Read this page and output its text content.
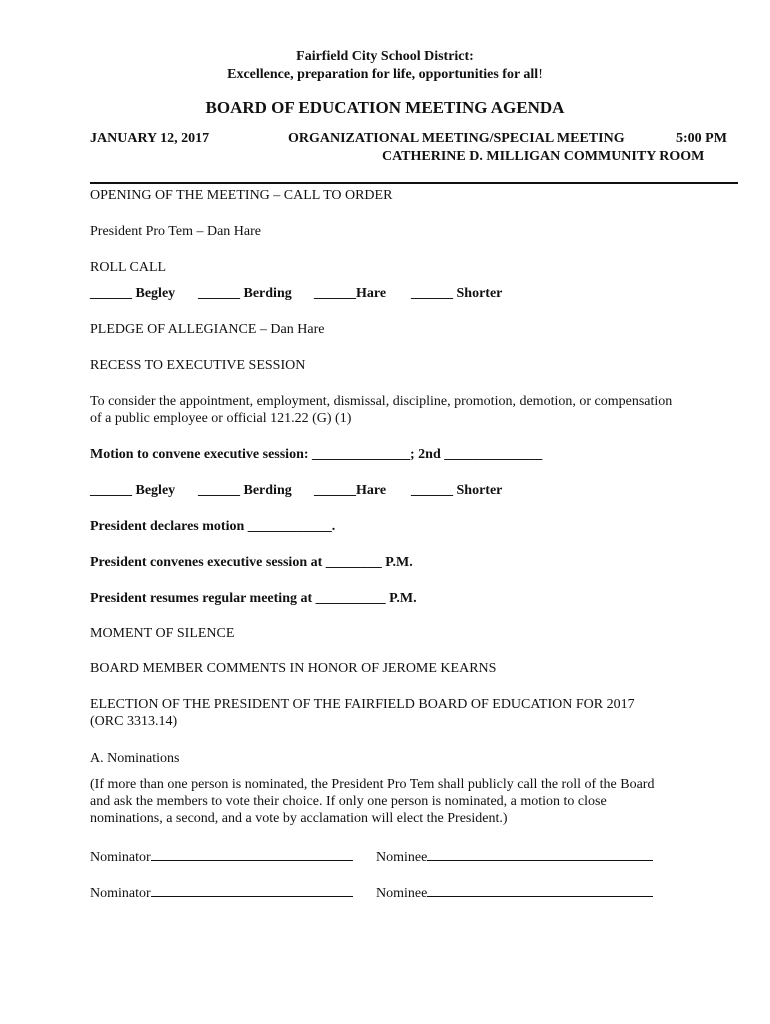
Fairfield City School District:
Excellence, preparation for life, opportunities for all!
BOARD OF EDUCATION MEETING AGENDA
JANUARY 12, 2017	ORGANIZATIONAL MEETING/SPECIAL MEETING	5:00 PM
CATHERINE D. MILLIGAN COMMUNITY ROOM
OPENING OF THE MEETING – CALL TO ORDER
President Pro Tem – Dan Hare
ROLL CALL
______ Begley ______ Berding ______Hare ______ Shorter
PLEDGE OF ALLEGIANCE – Dan Hare
RECESS TO EXECUTIVE SESSION
To consider the appointment, employment, dismissal, discipline, promotion, demotion, or compensation
of a public employee or official 121.22 (G) (1)
Motion to convene executive session: ______________; 2nd ______________
______ Begley ______ Berding ______Hare ______ Shorter
President declares motion ____________.
President convenes executive session at ________ P.M.
President resumes regular meeting at __________ P.M.
MOMENT OF SILENCE
BOARD MEMBER COMMENTS IN HONOR OF JEROME KEARNS
ELECTION OF THE PRESIDENT OF THE FAIRFIELD BOARD OF EDUCATION FOR 2017
(ORC 3313.14)
A. Nominations
(If more than one person is nominated, the President Pro Tem shall publicly call the roll of the Board
and ask the members to vote their choice. If only one person is nominated, a motion to close
nominations, a second, and a vote by acclamation will elect the President.)
Nominator	Nominee
Nominator	Nominee
